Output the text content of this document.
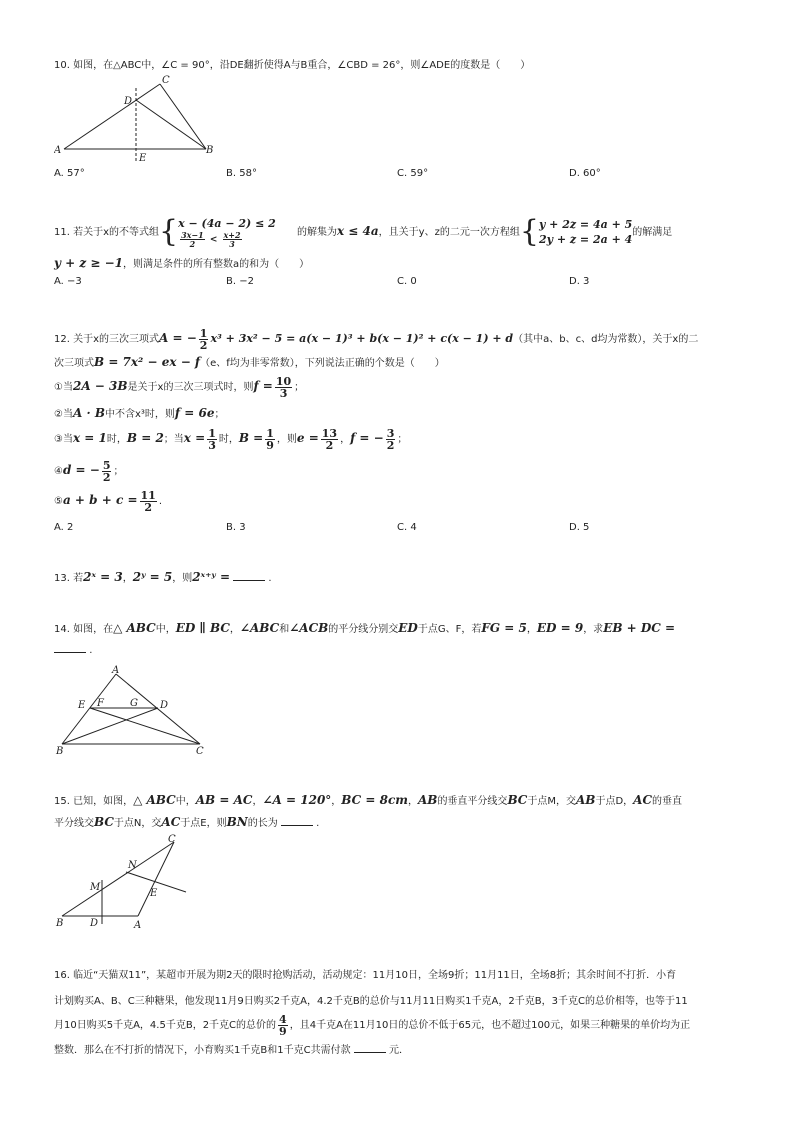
10. 如图，在△ABC中，∠C = 90°，沿DE翻折使得A与B重合，∠CBD = 26°，则∠ADE的度数是（　　）
C
D
A	B
E
A. 57°	B. 58°	C. 59°	D. 60°
11. 若关于x的不等式组{ x − (4a − 2) ≤ 2
$\frac{3x-1}{2} < \frac{x+2}{3}$	的解集为x ≤ 4a，且关于y、z的二元一次方程组{ y + 2z = 4a + 5
2y + z = 2a + 4
的解满足
y + z ≥ −1，则满足条件的所有整数a的和为（　　）
A. −3	B. −2	C. 0	D. 3
12. 关于x的三次三项式A = − $\frac{1}{2} x^3 + 3x^2 - 5 = a(x - 1)^3 + b(x - 1)^2 + c(x - 1) + d$（其中a、b、c、d均为常数），关于x的二
次三项式B = 7x² − ex − f（e、f均为非零常数），下列说法正确的个数是（　　）
①当2A − 3B是关于x的三次三项式时，则$f = \frac{10}{3}$ ；
②当A · B中不含x³时，则f = 6e；
③当x = 1时，B = 2；当$x = \frac{1}{3}$ 时，$B = \frac{1}{9}$ ，则$e = \frac{13}{2}$ ，f = − $\frac{3}{2}$ ；
④d = − $\frac{5}{2}$ ；
⑤a + $b + c = \frac{11}{2}$ .
A. 2	B. 3	C. 4	D. 5
13. 若2ˣ = 3，2ʸ = 5，则2ˣ⁺ʸ =	.
14. 如图，在△ ABC中，ED ∥ BC，∠ABC和∠ACB的平分线分别交ED于点G、F，若FG = 5，ED = 9，求EB + DC =
.
A
E F	G D
B	C
15. 已知，如图，△ ABC中，AB = AC，∠A = 120°，BC = 8cm，AB的垂直平分线交BC于点M，交AB于点D，AC的垂直
平分线交BC于点N，交AC于点E，则BN的长为	.
C
N
M
E
B	D	A
16. 临近“天猫双11”，某超市开展为期2天的限时抢购活动，活动规定：11月10日，全场9折；11月11日，全场8折；其余时间不打折．小育
计划购买A、B、C三种糖果，他发现11月9日购买2千克A，4.2千克B的总价与11月11日购买1千克A，2千克B，3千克C的总价相等，也等于11
月10日购买5千克A，4.5千克B，2千克C的总价的 $\frac{4}{9}$ ，且4千克A在11月10日的总价不低于65元，也不超过100元，如果三种糖果的单价均为正
整数．那么在不打折的情况下，小育购买1千克B和1千克C共需付款	元．
